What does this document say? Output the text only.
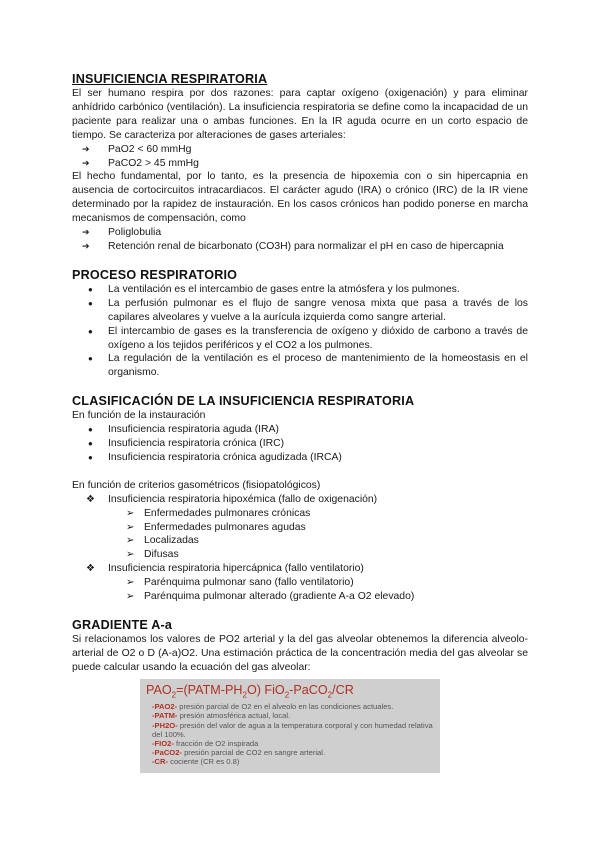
INSUFICIENCIA RESPIRATORIA

El ser humano respira por dos razones: para captar oxígeno (oxigenación) y para eliminar anhídrido carbónico (ventilación). La insuficiencia respiratoria se define como la incapacidad de un paciente para realizar una o ambas funciones. En la IR aguda ocurre en un corto espacio de tiempo. Se caracteriza por alteraciones de gases arteriales:

➔ PaO2 < 60 mmHg
➔ PaCO2 > 45 mmHg

El hecho fundamental, por lo tanto, es la presencia de hipoxemia con o sin hipercapnia en ausencia de cortocircuitos intracardiacos. El carácter agudo (IRA) o crónico (IRC) de la IR viene determinado por la rapidez de instauración. En los casos crónicos han podido ponerse en marcha mecanismos de compensación, como

➔ Poliglobulia
➔ Retención renal de bicarbonato (CO3H) para normalizar el pH en caso de hipercapnia
PROCESO RESPIRATORIO
● La ventilación es el intercambio de gases entre la atmósfera y los pulmones.
● La perfusión pulmonar es el flujo de sangre venosa mixta que pasa a través de los capilares alveolares y vuelve a la aurícula izquierda como sangre arterial.
● El intercambio de gases es la transferencia de oxígeno y dióxido de carbono a través de oxígeno a los tejidos periféricos y el CO2 a los pulmones.
● La regulación de la ventilación es el proceso de mantenimiento de la homeostasis en el organismo.
CLASIFICACIÓN DE LA INSUFICIENCIA RESPIRATORIA
En función de la instauración
● Insuficiencia respiratoria aguda (IRA)
● Insuficiencia respiratoria crónica (IRC)
● Insuficiencia respiratoria crónica agudizada (IRCA)
En función de criterios gasométricos (fisiopatológicos)
❖ Insuficiencia respiratoria hipoxémica (fallo de oxigenación)
➢ Enfermedades pulmonares crónicas
➢ Enfermedades pulmonares agudas
➢ Localizadas
➢ Difusas
❖ Insuficiencia respiratoria hipercápnica (fallo ventilatorio)
➢ Parénquima pulmonar sano (fallo ventilatorio)
➢ Parénquima pulmonar alterado (gradiente A-a O2 elevado)
GRADIENTE A-a

Si relacionamos los valores de PO2 arterial y la del gas alveolar obtenemos la diferencia alveolo-arterial de O2 o D (A-a)O2. Una estimación práctica de la concentración media del gas alveolar se puede calcular usando la ecuación del gas alveolar:

$PAO_2=(PATM-PH_2O)$ FiO$_2$-PaCO$_2$/CR
-PAO2- presión parcial de O2 en el alveolo en las condiciones actuales.
-PATM- presión atmosférica actual, local.
-PH2O- presión del valor de agua a la temperatura corporal y con humedad relativa del 100%.
-FIO2- fracción de O2 inspirada
-PaCO2- presión parcial de CO2 en sangre arterial.
-CR- cociente (CR es 0.8)
